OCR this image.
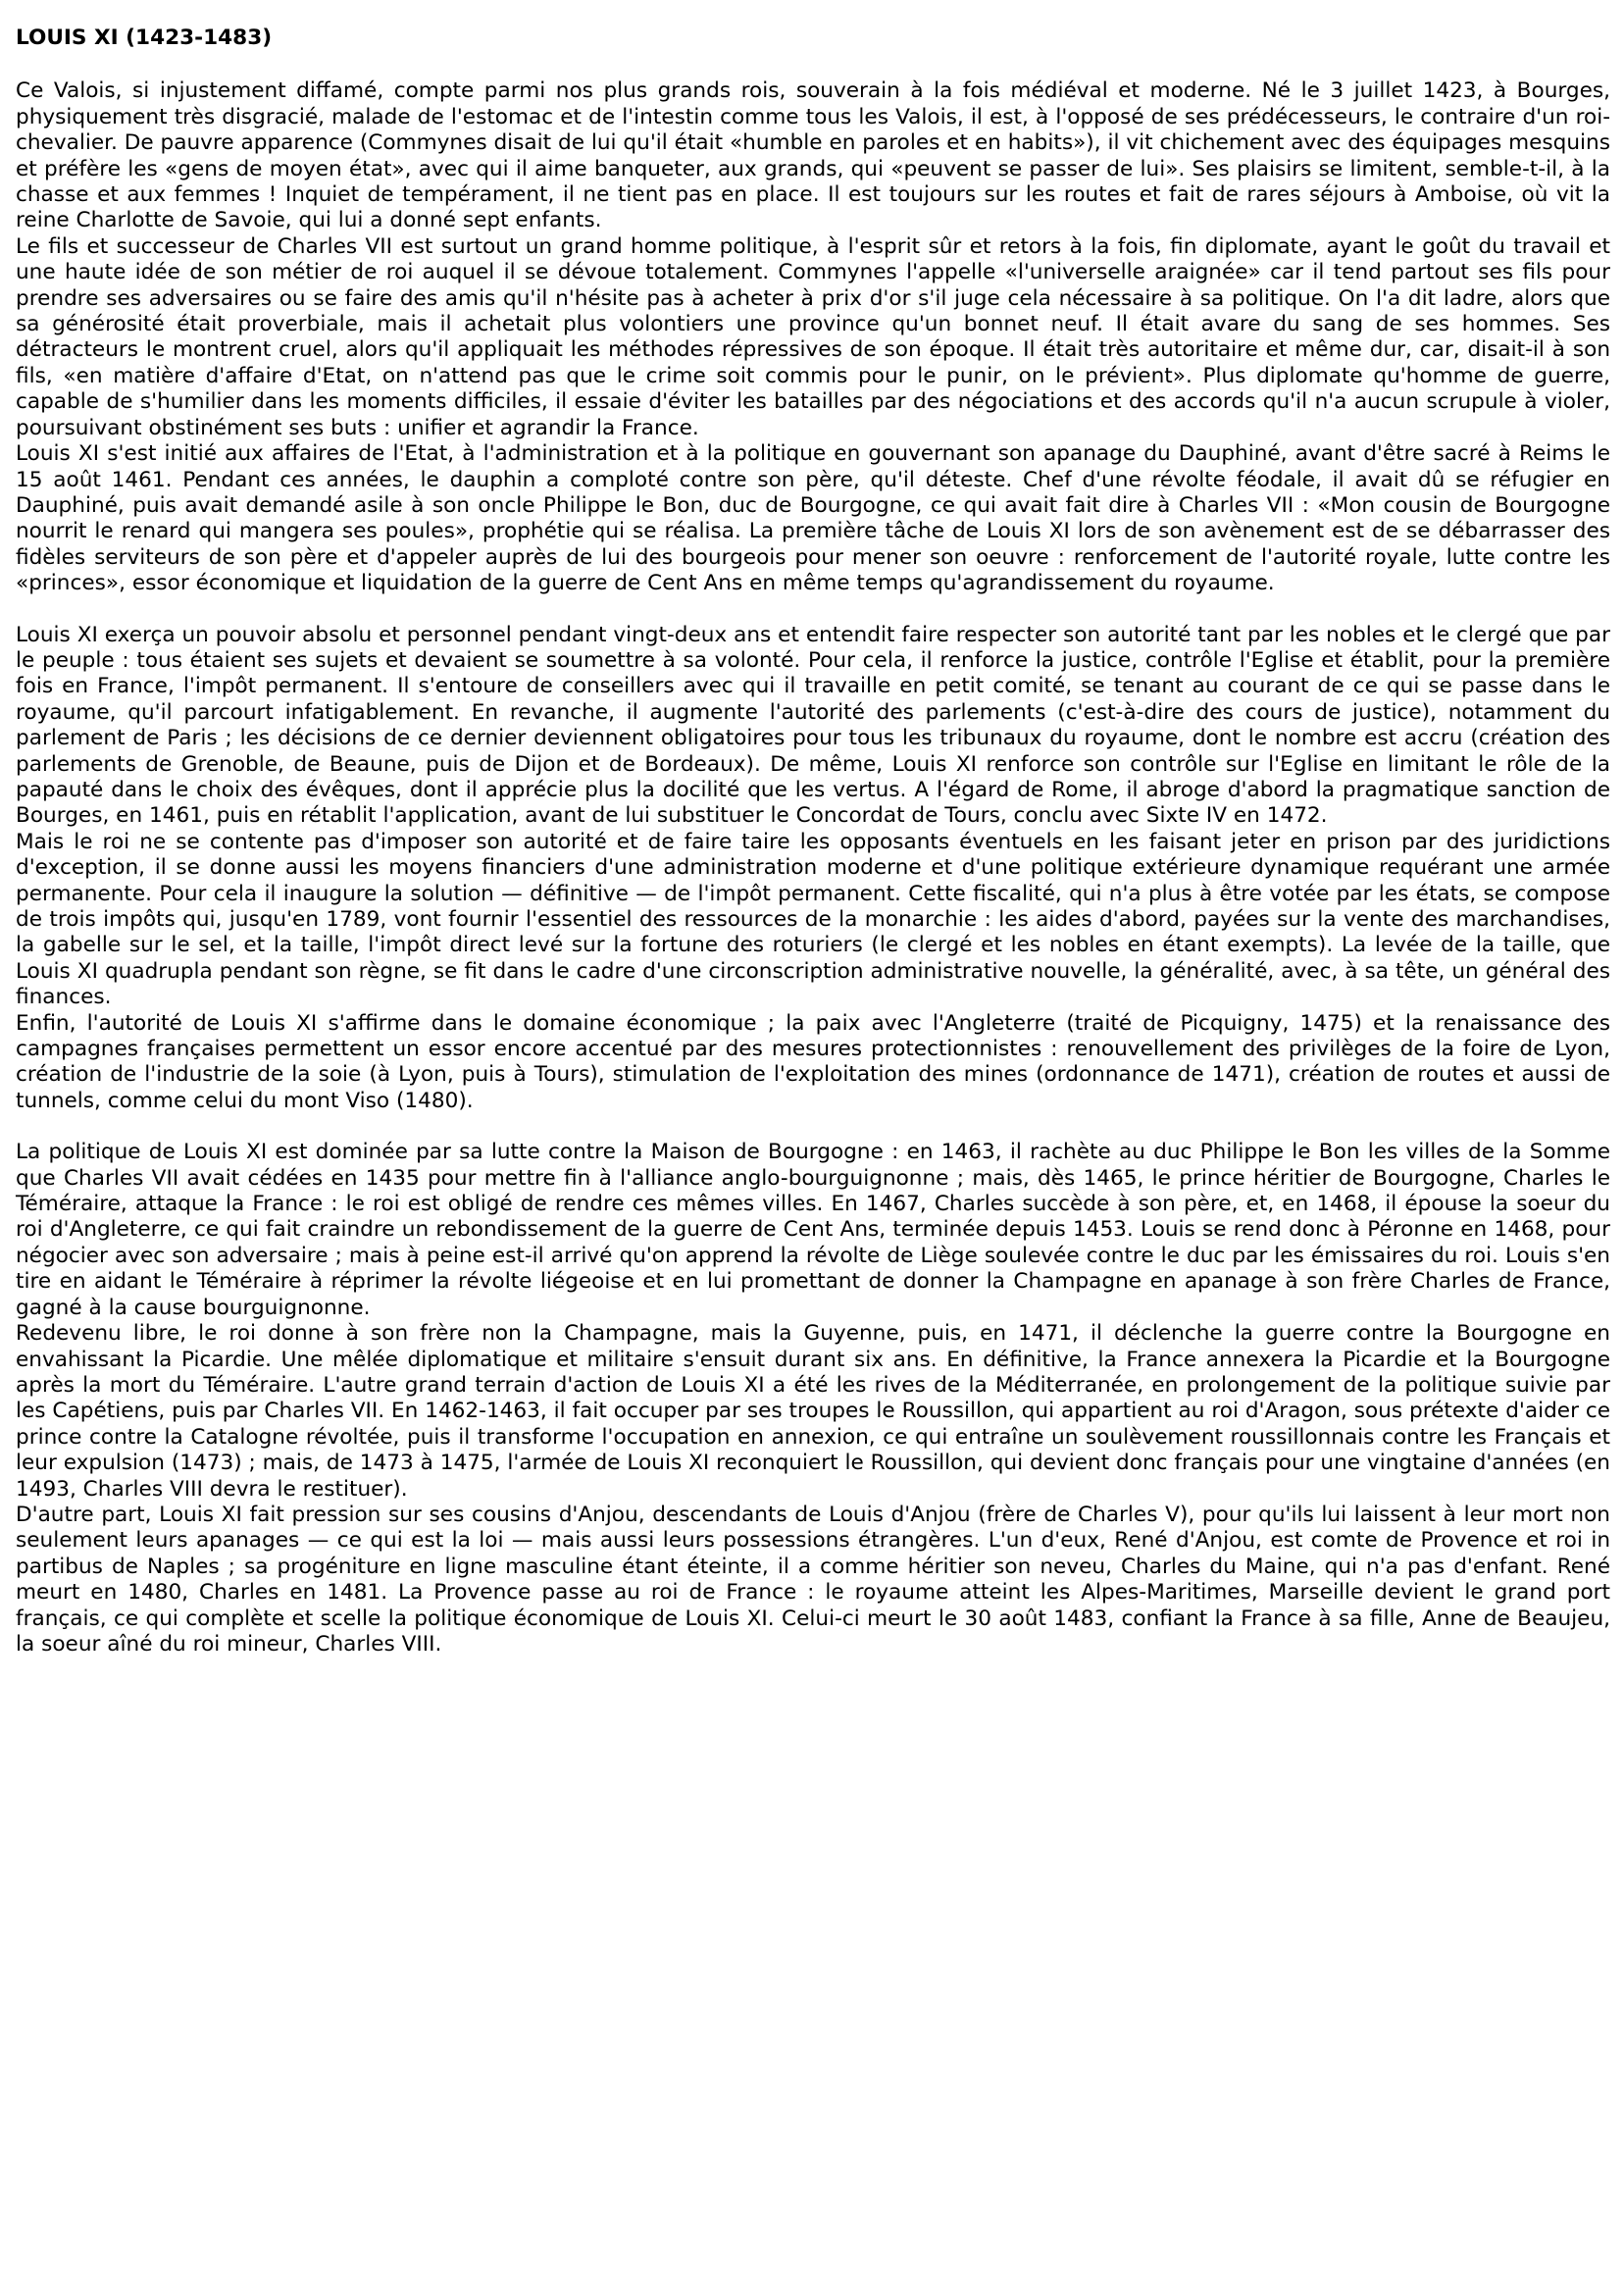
LOUIS XI (1423-1483)

Ce Valois, si injustement diffamé, compte parmi nos plus grands rois, souverain à la fois médiéval et moderne. Né le 3 juillet 1423, à Bourges, physiquement très disgracié, malade de l'estomac et de l'intestin comme tous les Valois, il est, à l'opposé de ses prédécesseurs, le contraire d'un roi-chevalier. De pauvre apparence (Commynes disait de lui qu'il était «humble en paroles et en habits»), il vit chichement avec des équipages mesquins et préfère les «gens de moyen état», avec qui il aime banqueter, aux grands, qui «peuvent se passer de lui». Ses plaisirs se limitent, semble-t-il, à la chasse et aux femmes ! Inquiet de tempérament, il ne tient pas en place. Il est toujours sur les routes et fait de rares séjours à Amboise, où vit la reine Charlotte de Savoie, qui lui a donné sept enfants.

Le fils et successeur de Charles VII est surtout un grand homme politique, à l'esprit sûr et retors à la fois, fin diplomate, ayant le goût du travail et une haute idée de son métier de roi auquel il se dévoue totalement. Commynes l'appelle «l'universelle araignée» car il tend partout ses fils pour prendre ses adversaires ou se faire des amis qu'il n'hésite pas à acheter à prix d'or s'il juge cela nécessaire à sa politique. On l'a dit ladre, alors que sa générosité était proverbiale, mais il achetait plus volontiers une province qu'un bonnet neuf. Il était avare du sang de ses hommes. Ses détracteurs le montrent cruel, alors qu'il appliquait les méthodes répressives de son époque. Il était très autoritaire et même dur, car, disait-il à son fils, «en matière d'affaire d'Etat, on n'attend pas que le crime soit commis pour le punir, on le prévient». Plus diplomate qu'homme de guerre, capable de s'humilier dans les moments difficiles, il essaie d'éviter les batailles par des négociations et des accords qu'il n'a aucun scrupule à violer, poursuivant obstinément ses buts : unifier et agrandir la France.

Louis XI s'est initié aux affaires de l'Etat, à l'administration et à la politique en gouvernant son apanage du Dauphiné, avant d'être sacré à Reims le 15 août 1461. Pendant ces années, le dauphin a comploté contre son père, qu'il déteste. Chef d'une révolte féodale, il avait dû se réfugier en Dauphiné, puis avait demandé asile à son oncle Philippe le Bon, duc de Bourgogne, ce qui avait fait dire à Charles VII : «Mon cousin de Bourgogne nourrit le renard qui mangera ses poules», prophétie qui se réalisa. La première tâche de Louis XI lors de son avènement est de se débarrasser des fidèles serviteurs de son père et d'appeler auprès de lui des bourgeois pour mener son oeuvre : renforcement de l'autorité royale, lutte contre les «princes», essor économique et liquidation de la guerre de Cent Ans en même temps qu'agrandissement du royaume.

Louis XI exerça un pouvoir absolu et personnel pendant vingt-deux ans et entendit faire respecter son autorité tant par les nobles et le clergé que par le peuple : tous étaient ses sujets et devaient se soumettre à sa volonté. Pour cela, il renforce la justice, contrôle l'Eglise et établit, pour la première fois en France, l'impôt permanent. Il s'entoure de conseillers avec qui il travaille en petit comité, se tenant au courant de ce qui se passe dans le royaume, qu'il parcourt infatigablement. En revanche, il augmente l'autorité des parlements (c'est-à-dire des cours de justice), notamment du parlement de Paris ; les décisions de ce dernier deviennent obligatoires pour tous les tribunaux du royaume, dont le nombre est accru (création des parlements de Grenoble, de Beaune, puis de Dijon et de Bordeaux). De même, Louis XI renforce son contrôle sur l'Eglise en limitant le rôle de la papauté dans le choix des évêques, dont il apprécie plus la docilité que les vertus. A l'égard de Rome, il abroge d'abord la pragmatique sanction de Bourges, en 1461, puis en rétablit l'application, avant de lui substituer le Concordat de Tours, conclu avec Sixte IV en 1472.

Mais le roi ne se contente pas d'imposer son autorité et de faire taire les opposants éventuels en les faisant jeter en prison par des juridictions d'exception, il se donne aussi les moyens financiers d'une administration moderne et d'une politique extérieure dynamique requérant une armée permanente. Pour cela il inaugure la solution — définitive — de l'impôt permanent. Cette fiscalité, qui n'a plus à être votée par les états, se compose de trois impôts qui, jusqu'en 1789, vont fournir l'essentiel des ressources de la monarchie : les aides d'abord, payées sur la vente des marchandises, la gabelle sur le sel, et la taille, l'impôt direct levé sur la fortune des roturiers (le clergé et les nobles en étant exempts). La levée de la taille, que Louis XI quadrupla pendant son règne, se fit dans le cadre d'une circonscription administrative nouvelle, la généralité, avec, à sa tête, un général des finances.

Enfin, l'autorité de Louis XI s'affirme dans le domaine économique ; la paix avec l'Angleterre (traité de Picquigny, 1475) et la renaissance des campagnes françaises permettent un essor encore accentué par des mesures protectionnistes : renouvellement des privilèges de la foire de Lyon, création de l'industrie de la soie (à Lyon, puis à Tours), stimulation de l'exploitation des mines (ordonnance de 1471), création de routes et aussi de tunnels, comme celui du mont Viso (1480).

La politique de Louis XI est dominée par sa lutte contre la Maison de Bourgogne : en 1463, il rachète au duc Philippe le Bon les villes de la Somme que Charles VII avait cédées en 1435 pour mettre fin à l'alliance anglo-bourguignonne ; mais, dès 1465, le prince héritier de Bourgogne, Charles le Téméraire, attaque la France : le roi est obligé de rendre ces mêmes villes. En 1467, Charles succède à son père, et, en 1468, il épouse la soeur du roi d'Angleterre, ce qui fait craindre un rebondissement de la guerre de Cent Ans, terminée depuis 1453. Louis se rend donc à Péronne en 1468, pour négocier avec son adversaire ; mais à peine est-il arrivé qu'on apprend la révolte de Liège soulevée contre le duc par les émissaires du roi. Louis s'en tire en aidant le Téméraire à réprimer la révolte liégeoise et en lui promettant de donner la Champagne en apanage à son frère Charles de France, gagné à la cause bourguignonne.

Redevenu libre, le roi donne à son frère non la Champagne, mais la Guyenne, puis, en 1471, il déclenche la guerre contre la Bourgogne en envahissant la Picardie. Une mêlée diplomatique et militaire s'ensuit durant six ans. En définitive, la France annexera la Picardie et la Bourgogne après la mort du Téméraire. L'autre grand terrain d'action de Louis XI a été les rives de la Méditerranée, en prolongement de la politique suivie par les Capétiens, puis par Charles VII. En 1462-1463, il fait occuper par ses troupes le Roussillon, qui appartient au roi d'Aragon, sous prétexte d'aider ce prince contre la Catalogne révoltée, puis il transforme l'occupation en annexion, ce qui entraîne un soulèvement roussillonnais contre les Français et leur expulsion (1473) ; mais, de 1473 à 1475, l'armée de Louis XI reconquiert le Roussillon, qui devient donc français pour une vingtaine d'années (en 1493, Charles VIII devra le restituer).

D'autre part, Louis XI fait pression sur ses cousins d'Anjou, descendants de Louis d'Anjou (frère de Charles V), pour qu'ils lui laissent à leur mort non seulement leurs apanages — ce qui est la loi — mais aussi leurs possessions étrangères. L'un d'eux, René d'Anjou, est comte de Provence et roi in partibus de Naples ; sa progéniture en ligne masculine étant éteinte, il a comme héritier son neveu, Charles du Maine, qui n'a pas d'enfant. René meurt en 1480, Charles en 1481. La Provence passe au roi de France : le royaume atteint les Alpes-Maritimes, Marseille devient le grand port français, ce qui complète et scelle la politique économique de Louis XI. Celui-ci meurt le 30 août 1483, confiant la France à sa fille, Anne de Beaujeu, la soeur aîné du roi mineur, Charles VIII.
